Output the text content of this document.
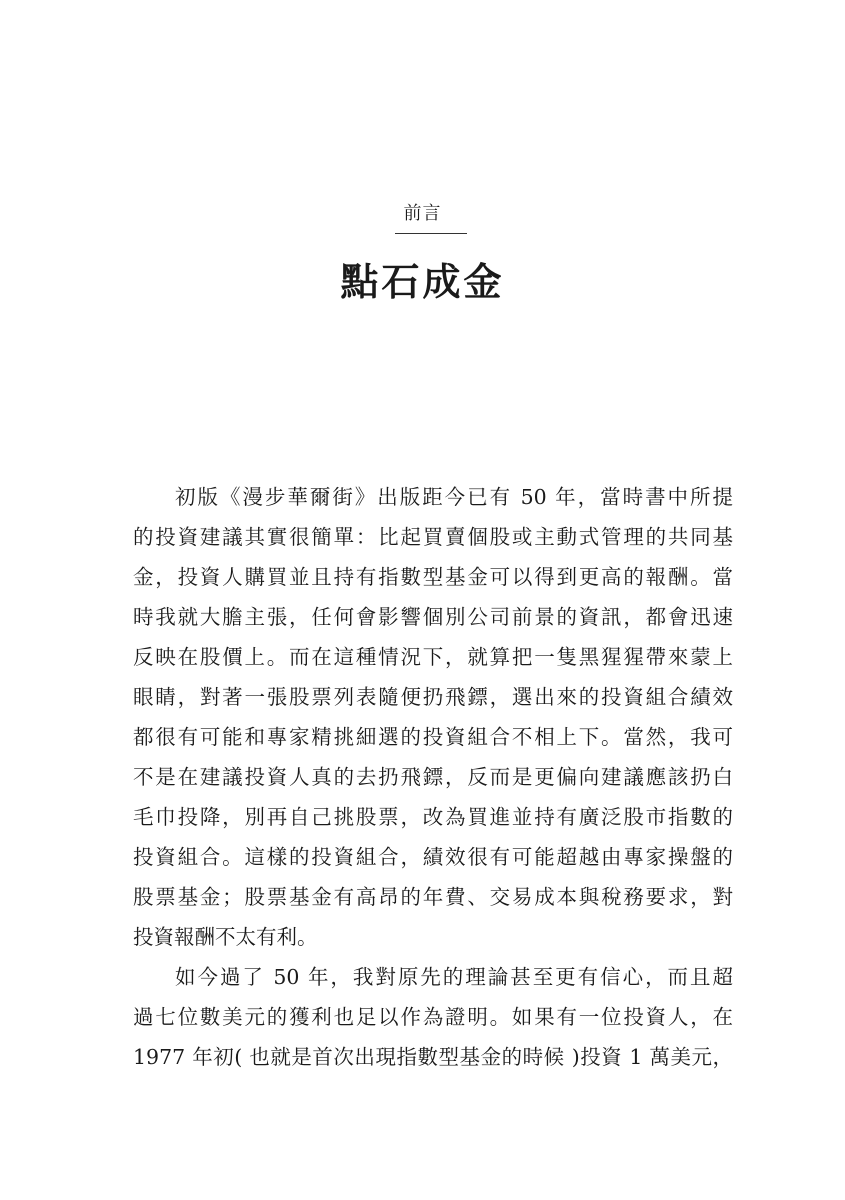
前言
點石成金
初版《漫步華爾街》出版距今已有 50 年，當時書中所提
的投資建議其實很簡單：比起買賣個股或主動式管理的共同基
金，投資人購買並且持有指數型基金可以得到更高的報酬。當
時我就大膽主張，任何會影響個別公司前景的資訊，都會迅速
反映在股價上。而在這種情況下，就算把一隻黑猩猩帶來蒙上
眼睛，對著一張股票列表隨便扔飛鏢，選出來的投資組合績效
都很有可能和專家精挑細選的投資組合不相上下。當然，我可
不是在建議投資人真的去扔飛鏢，反而是更偏向建議應該扔白
毛巾投降，別再自己挑股票，改為買進並持有廣泛股市指數的
投資組合。這樣的投資組合，績效很有可能超越由專家操盤的
股票基金；股票基金有高昂的年費、交易成本與稅務要求，對
投資報酬不太有利。
如今過了 50 年，我對原先的理論甚至更有信心，而且超
過七位數美元的獲利也足以作為證明。如果有一位投資人，在
1977 年初( 也就是首次出現指數型基金的時候 )投資 1 萬美元，
